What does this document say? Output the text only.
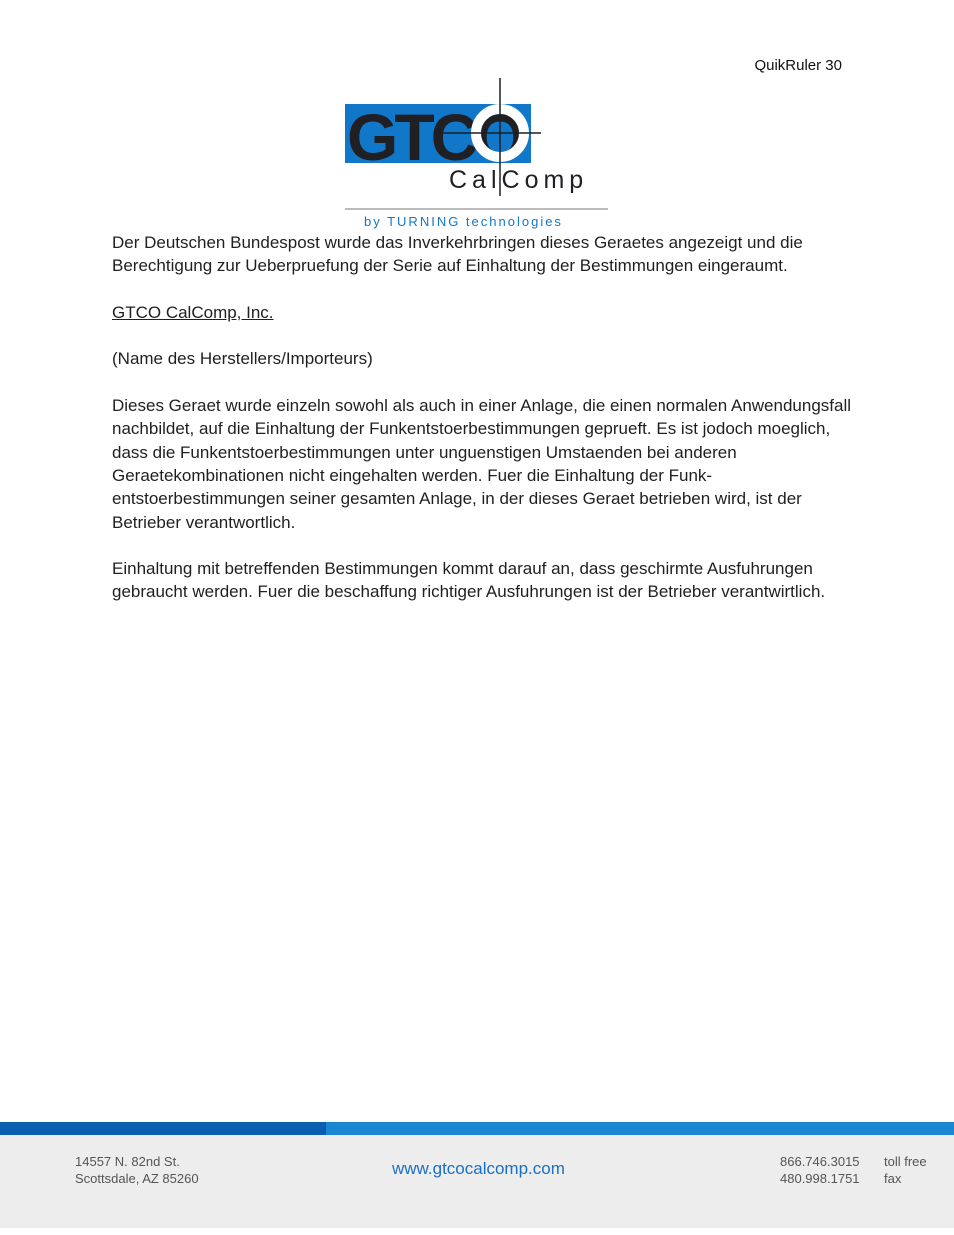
QuikRuler 30
GTCO
CalComp
by TURNING technologies

Der Deutschen Bundespost wurde das Inverkehrbringen dieses Geraetes angezeigt und die Berechtigung zur Ueberpruefung der Serie auf Einhaltung der Bestimmungen eingeraumt.

GTCO CalComp, Inc.

(Name des Herstellers/Importeurs)

Dieses Geraet wurde einzeln sowohl als auch in einer Anlage, die einen normalen Anwendungsfall nachbildet, auf die Einhaltung der Funkentstoerbestimmungen geprueft. Es ist jodoch moeglich, dass die Funkentstoerbestimmungen unter unguenstigen Umstaenden bei anderen Geraetekombinationen nicht eingehalten werden. Fuer die Einhaltung der Funk-entstoerbestimmungen seiner gesamten Anlage, in der dieses Geraet betrieben wird, ist der Betrieber verantwortlich.

Einhaltung mit betreffenden Bestimmungen kommt darauf an, dass geschirmte Ausfuhrungen gebraucht werden. Fuer die beschaffung richtiger Ausfuhrungen ist der Betrieber verantwirtlich.

14557 N. 82nd St.
Scottsdale, AZ 85260	www.gtcocalcomp.com	866.746.3015
480.998.1751
toll free
fax
